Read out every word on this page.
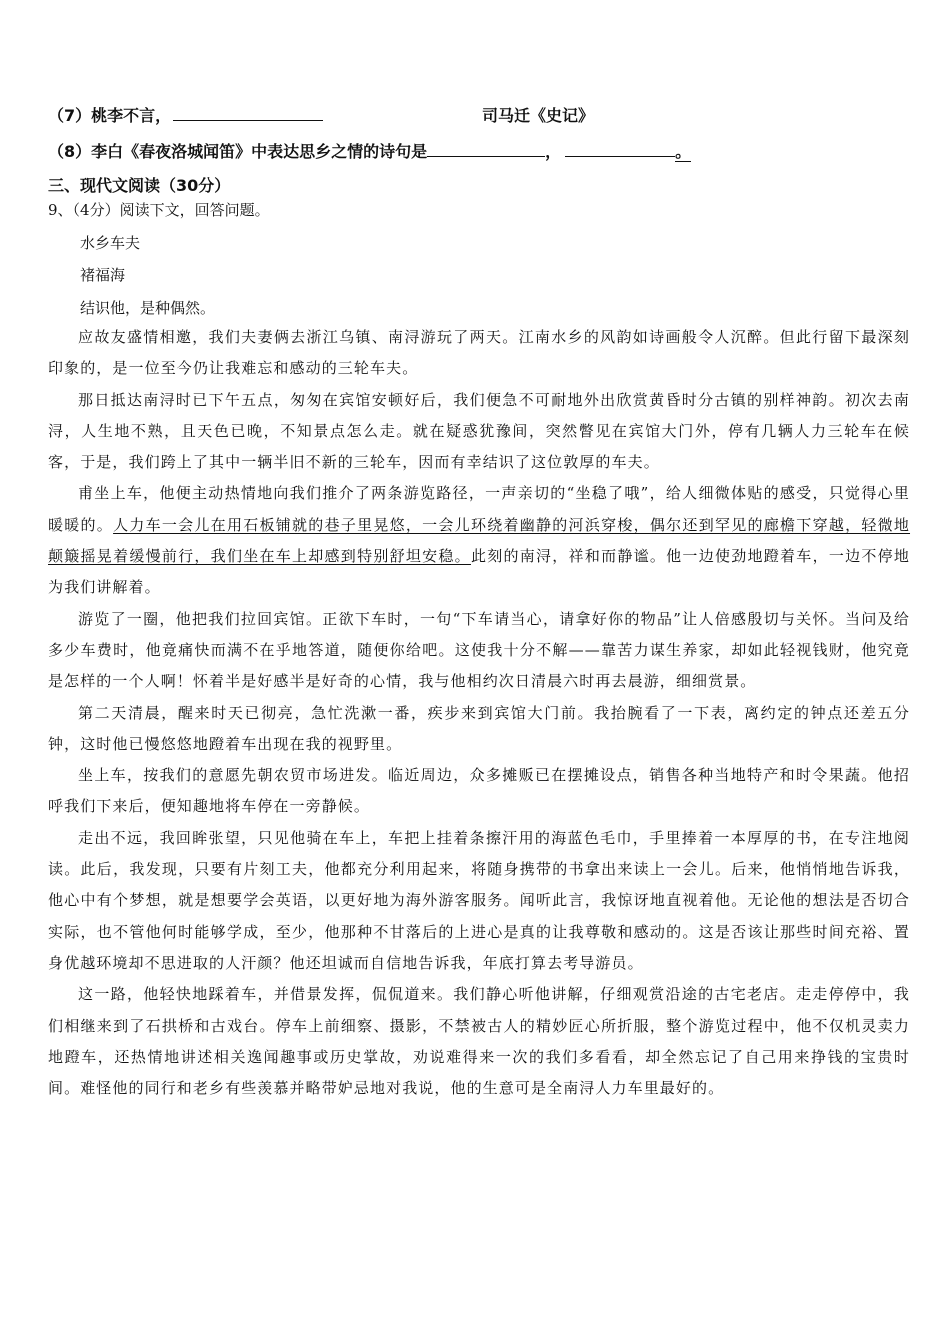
（7）桃李不言，	司马迁《史记》
（8）李白《春夜洛城闻笛》中表达思乡之情的诗句是	，	。
三、现代文阅读（30分）
9、（4分）阅读下文，回答问题。
水乡车夫
褚福海
结识他，是种偶然。

应故友盛情相邀，我们夫妻俩去浙江乌镇、南浔游玩了两天。江南水乡的风韵如诗画般令人沉醉。但此行留下最深刻印象的，是一位至今仍让我难忘和感动的三轮车夫。

那日抵达南浔时已下午五点，匆匆在宾馆安顿好后，我们便急不可耐地外出欣赏黄昏时分古镇的别样神韵。初次去南浔，人生地不熟，且天色已晚，不知景点怎么走。就在疑惑犹豫间，突然瞥见在宾馆大门外，停有几辆人力三轮车在候客，于是，我们跨上了其中一辆半旧不新的三轮车，因而有幸结识了这位敦厚的车夫。

甫坐上车，他便主动热情地向我们推介了两条游览路径，一声亲切的“坐稳了哦”，给人细微体贴的感受，只觉得心里暖暖的。人力车一会儿在用石板铺就的巷子里晃悠，一会儿环绕着幽静的河浜穿梭，偶尔还到罕见的廊檐下穿越，轻微地颠簸摇晃着缓慢前行，我们坐在车上却感到特别舒坦安稳。此刻的南浔，祥和而静谧。他一边使劲地蹬着车，一边不停地为我们讲解着。

游览了一圈，他把我们拉回宾馆。正欲下车时，一句“下车请当心，请拿好你的物品”让人倍感殷切与关怀。当问及给多少车费时，他竟痛快而满不在乎地答道，随便你给吧。这使我十分不解——靠苦力谋生养家，却如此轻视钱财，他究竟是怎样的一个人啊！怀着半是好感半是好奇的心情，我与他相约次日清晨六时再去晨游，细细赏景。

第二天清晨，醒来时天已彻亮，急忙洗漱一番，疾步来到宾馆大门前。我抬腕看了一下表，离约定的钟点还差五分钟，这时他已慢悠悠地蹬着车出现在我的视野里。

坐上车，按我们的意愿先朝农贸市场进发。临近周边，众多摊贩已在摆摊设点，销售各种当地特产和时令果蔬。他招呼我们下来后，便知趣地将车停在一旁静候。

走出不远，我回眸张望，只见他骑在车上，车把上挂着条擦汗用的海蓝色毛巾，手里捧着一本厚厚的书，在专注地阅读。此后，我发现，只要有片刻工夫，他都充分利用起来，将随身携带的书拿出来读上一会儿。后来，他悄悄地告诉我，他心中有个梦想，就是想要学会英语，以更好地为海外游客服务。闻听此言，我惊讶地直视着他。无论他的想法是否切合实际，也不管他何时能够学成，至少，他那种不甘落后的上进心是真的让我尊敬和感动的。这是否该让那些时间充裕、置身优越环境却不思进取的人汗颜？他还坦诚而自信地告诉我，年底打算去考导游员。

这一路，他轻快地踩着车，并借景发挥，侃侃道来。我们静心听他讲解，仔细观赏沿途的古宅老店。走走停停中，我们相继来到了石拱桥和古戏台。停车上前细察、摄影，不禁被古人的精妙匠心所折服，整个游览过程中，他不仅机灵卖力地蹬车，还热情地讲述相关逸闻趣事或历史掌故，劝说难得来一次的我们多看看，却全然忘记了自己用来挣钱的宝贵时间。难怪他的同行和老乡有些羡慕并略带妒忌地对我说，他的生意可是全南浔人力车里最好的。
